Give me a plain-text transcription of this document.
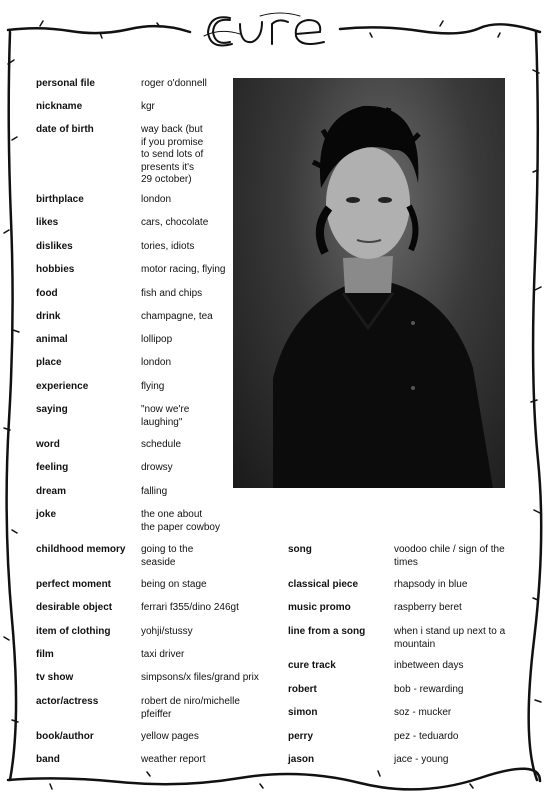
personal file	roger o'donnell
nickname	kgr
date of birth	way back (but
if you promise
to send lots of
presents it's
29 october)
birthplace	london
likes	cars, chocolate
dislikes	tories, idiots
hobbies	motor racing, flying
food	fish and chips
drink	champagne, tea
animal	lollipop
place	london
experience	flying
saying	"now we're
laughing"
word	schedule
feeling	drowsy
dream	falling
joke	the one about
the paper cowboy
childhood memory going to the
seaside
perfect moment	being on stage
desirable object	ferrari f355/dino 246gt
item of clothing	yohji/stussy
film	taxi driver
tv show	simpsons/x files/grand prix
actor/actress	robert de niro/michelle
pfeiffer
book/author	yellow pages
band	weather report
song	voodoo chile / sign of the
times
classical piece	rhapsody in blue
music promo	raspberry beret
line from a song	when i stand up next to a
mountain
cure track	inbetween days
robert	bob - rewarding
simon	soz - mucker
perry	pez - teduardo
jason	jace - young
